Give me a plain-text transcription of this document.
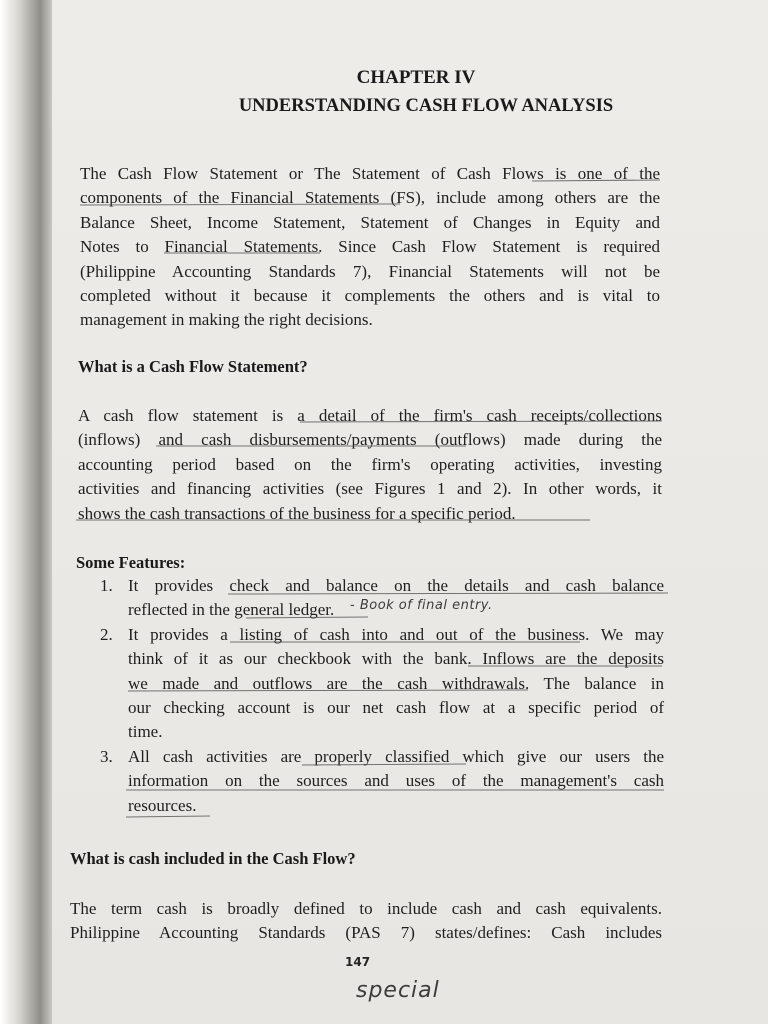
CHAPTER IV
UNDERSTANDING CASH FLOW ANALYSIS
The Cash Flow Statement or The Statement of Cash Flows is one of the
components of the Financial Statements (FS), include among others are the
Balance Sheet, Income Statement, Statement of Changes in Equity and
Notes to Financial Statements. Since Cash Flow Statement is required
(Philippine Accounting Standards 7), Financial Statements will not be
completed without it because it complements the others and is vital to
management in making the right decisions.
What is a Cash Flow Statement?
A cash flow statement is a detail of the firm's cash receipts/collections
(inflows) and cash disbursements/payments (outflows) made during the
accounting period based on the firm's operating activities, investing
activities and financing activities (see Figures 1 and 2). In other words, it
shows the cash transactions of the business for a specific period.
Some Features:
1. It provides check and balance on the details and cash balance
reflected in the general ledger.
2. It provides a listing of cash into and out of the business. We may
think of it as our checkbook with the bank. Inflows are the deposits
we made and outflows are the cash withdrawals. The balance in
our checking account is our net cash flow at a specific period of
time.
3. All cash activities are properly classified which give our users the
information on the sources and uses of the management's cash
resources.
- Book of final entry.
What is cash included in the Cash Flow?
The term cash is broadly defined to include cash and cash equivalents.
Philippine Accounting Standards (PAS 7) states/defines: Cash includes
147
special
